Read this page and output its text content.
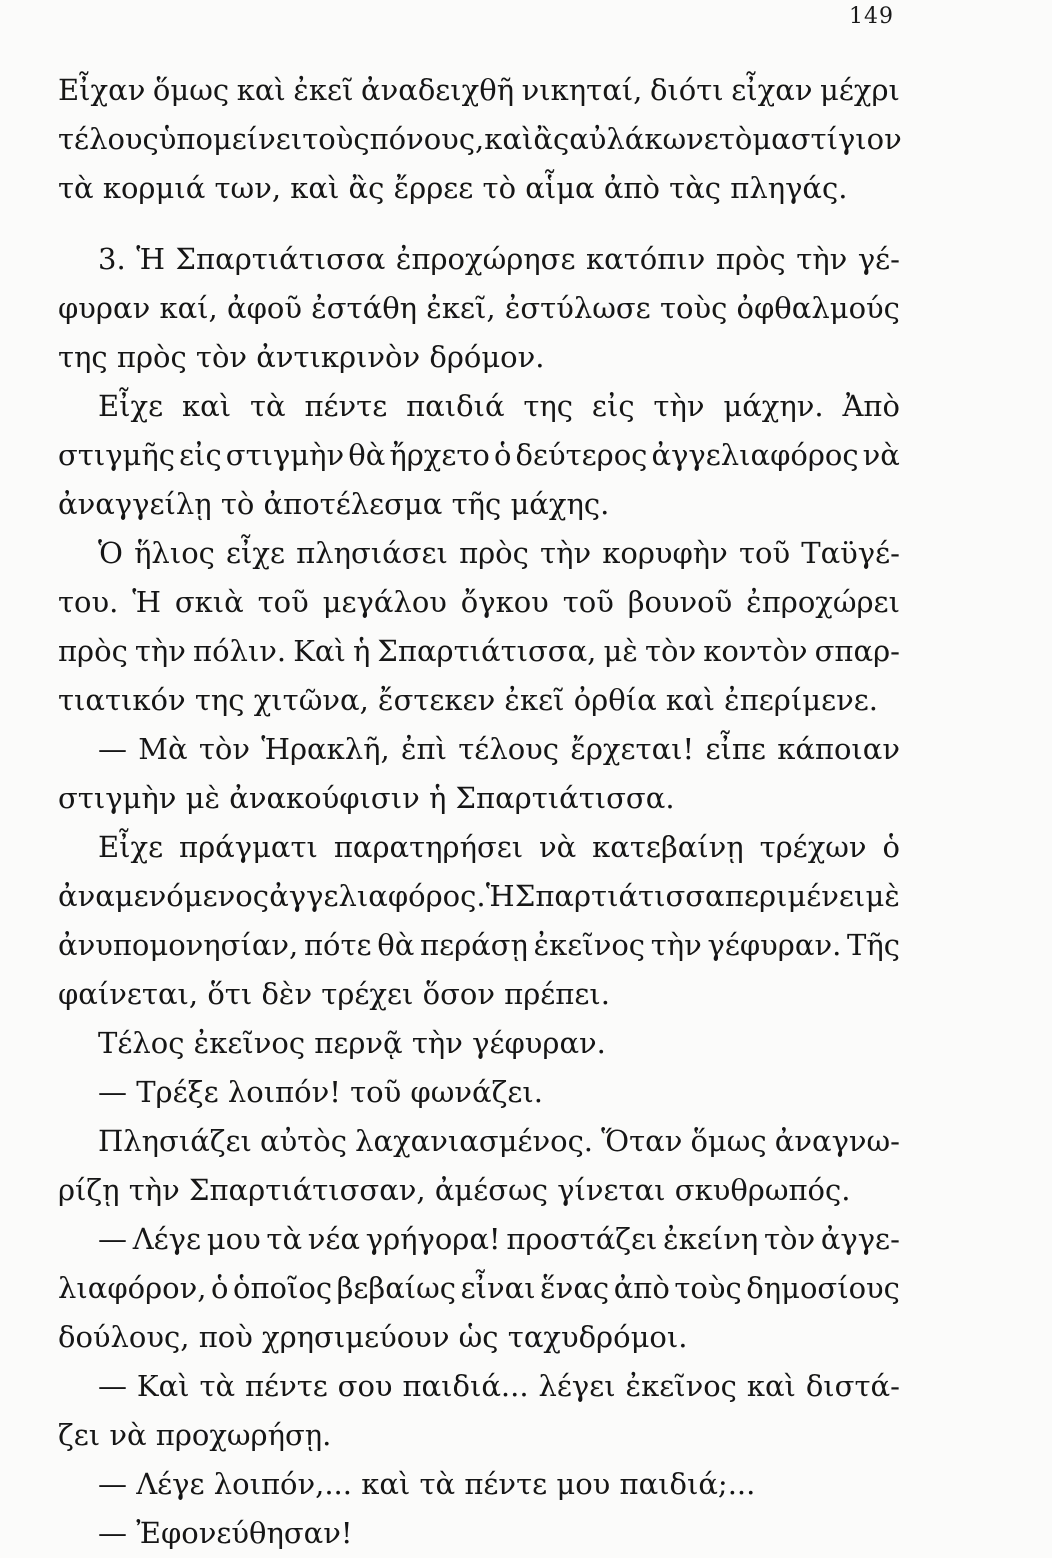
149
Εἶχαν ὅμως καὶ ἐκεῖ ἀναδειχθῆ νικηταί, διότι εἶχαν μέχρι
τέλους ὑπομείνει τοὺς πόνους, καὶ ἂς αὐλάκωνε τὸ μαστίγιον
τὰ κορμιά των, καὶ ἂς ἔρρεε τὸ αἷμα ἀπὸ τὰς πληγάς.
3. Ἡ Σπαρτιάτισσα ἐπροχώρησε κατόπιν πρὸς τὴν γέ-
φυραν καί, ἀφοῦ ἐστάθη ἐκεῖ, ἐστύλωσε τοὺς ὀφθαλμούς
της πρὸς τὸν ἀντικρινὸν δρόμον.
Εἶχε καὶ τὰ πέντε παιδιά της εἰς τὴν μάχην. Ἀπὸ
στιγμῆς εἰς στιγμὴν θὰ ἤρχετο ὁ δεύτερος ἀγγελιαφόρος νὰ
ἀναγγείλῃ τὸ ἀποτέλεσμα τῆς μάχης.
Ὁ ἥλιος εἶχε πλησιάσει πρὸς τὴν κορυφὴν τοῦ Ταϋγέ-
του. Ἡ σκιὰ τοῦ μεγάλου ὄγκου τοῦ βουνοῦ ἐπροχώρει
πρὸς τὴν πόλιν. Καὶ ἡ Σπαρτιάτισσα, μὲ τὸν κοντὸν σπαρ-
τιατικόν της χιτῶνα, ἔστεκεν ἐκεῖ ὀρθία καὶ ἐπερίμενε.
— Μὰ τὸν Ἡρακλῆ, ἐπὶ τέλους ἔρχεται! εἶπε κάποιαν
στιγμὴν μὲ ἀνακούφισιν ἡ Σπαρτιάτισσα.
Εἶχε πράγματι παρατηρήσει νὰ κατεβαίνῃ τρέχων ὁ
ἀναμενόμενος ἀγγελιαφόρος. Ἡ Σπαρτιάτισσα περιμένει μὲ
ἀνυπομονησίαν, πότε θὰ περάσῃ ἐκεῖνος τὴν γέφυραν. Τῆς
φαίνεται, ὅτι δὲν τρέχει ὅσον πρέπει.
Τέλος ἐκεῖνος περνᾷ τὴν γέφυραν.
— Τρέξε λοιπόν! τοῦ φωνάζει.
Πλησιάζει αὐτὸς λαχανιασμένος. Ὅταν ὅμως ἀναγνω-
ρίζῃ τὴν Σπαρτιάτισσαν, ἀμέσως γίνεται σκυθρωπός.
— Λέγε μου τὰ νέα γρήγορα! προστάζει ἐκείνη τὸν ἀγγε-
λιαφόρον, ὁ ὁποῖος βεβαίως εἶναι ἕνας ἀπὸ τοὺς δημοσίους
δούλους, ποὺ χρησιμεύουν ὡς ταχυδρόμοι.
— Καὶ τὰ πέντε σου παιδιά... λέγει ἐκεῖνος καὶ διστά-
ζει νὰ προχωρήσῃ.
— Λέγε λοιπόν,... καὶ τὰ πέντε μου παιδιά;...
— Ἐφονεύθησαν!
